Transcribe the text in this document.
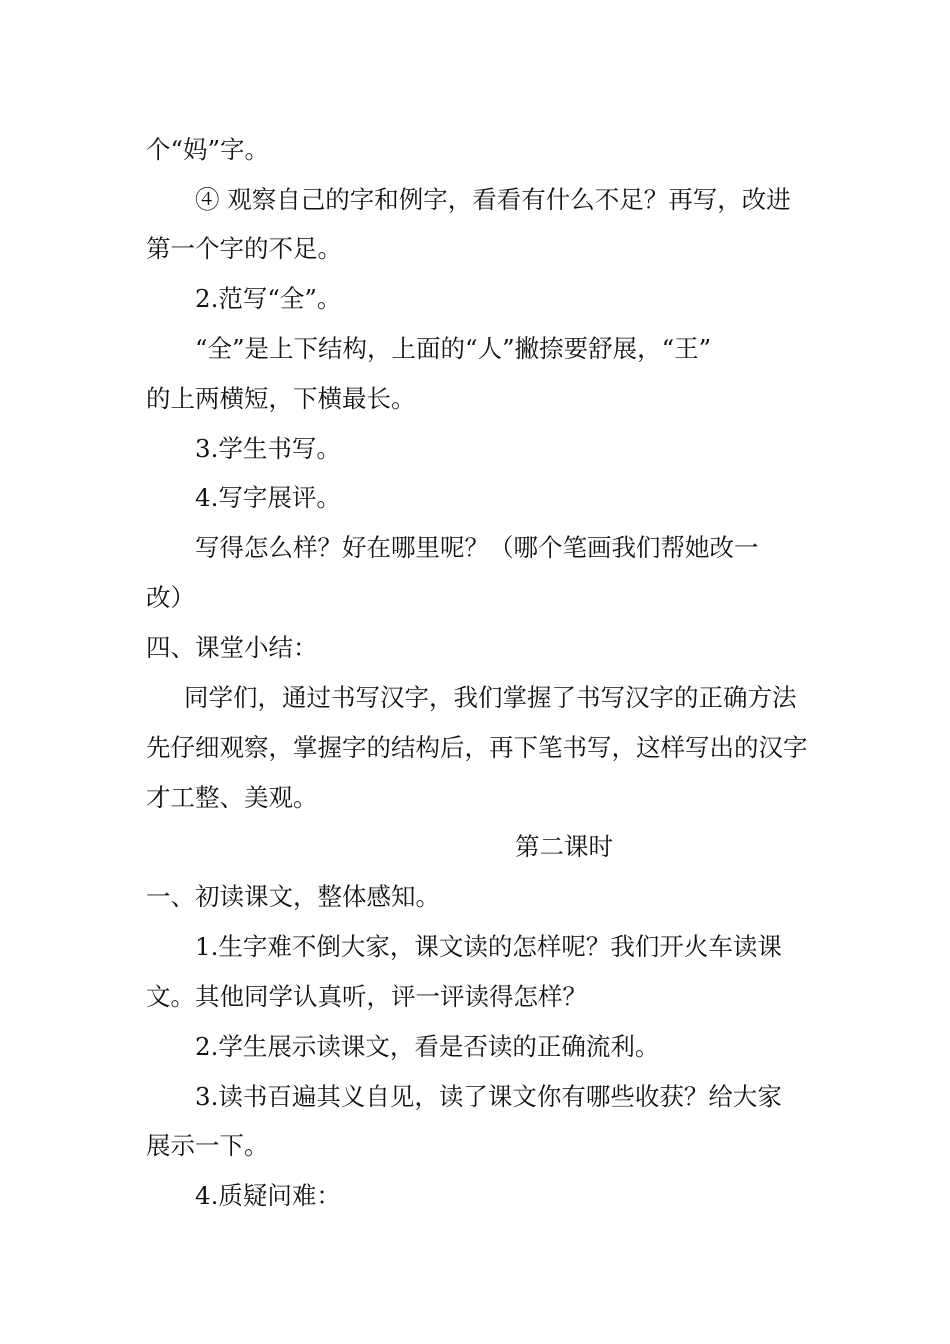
个“妈”字。
④ 观察自己的字和例字，看看有什么不足？再写，改进
第一个字的不足。
2.范写“全”。
“全”是上下结构，上面的“人”撇捺要舒展，“王”
的上两横短，下横最长。
3.学生书写。
4.写字展评。
写得怎么样？好在哪里呢？（哪个笔画我们帮她改一
改）
四、课堂小结：
同学们，通过书写汉字，我们掌握了书写汉字的正确方法
先仔细观察，掌握字的结构后，再下笔书写，这样写出的汉字
才工整、美观。
第二课时
一、初读课文，整体感知。
1.生字难不倒大家，课文读的怎样呢？我们开火车读课
文。其他同学认真听，评一评读得怎样？
2.学生展示读课文，看是否读的正确流利。
3.读书百遍其义自见，读了课文你有哪些收获？给大家
展示一下。
4.质疑问难：
